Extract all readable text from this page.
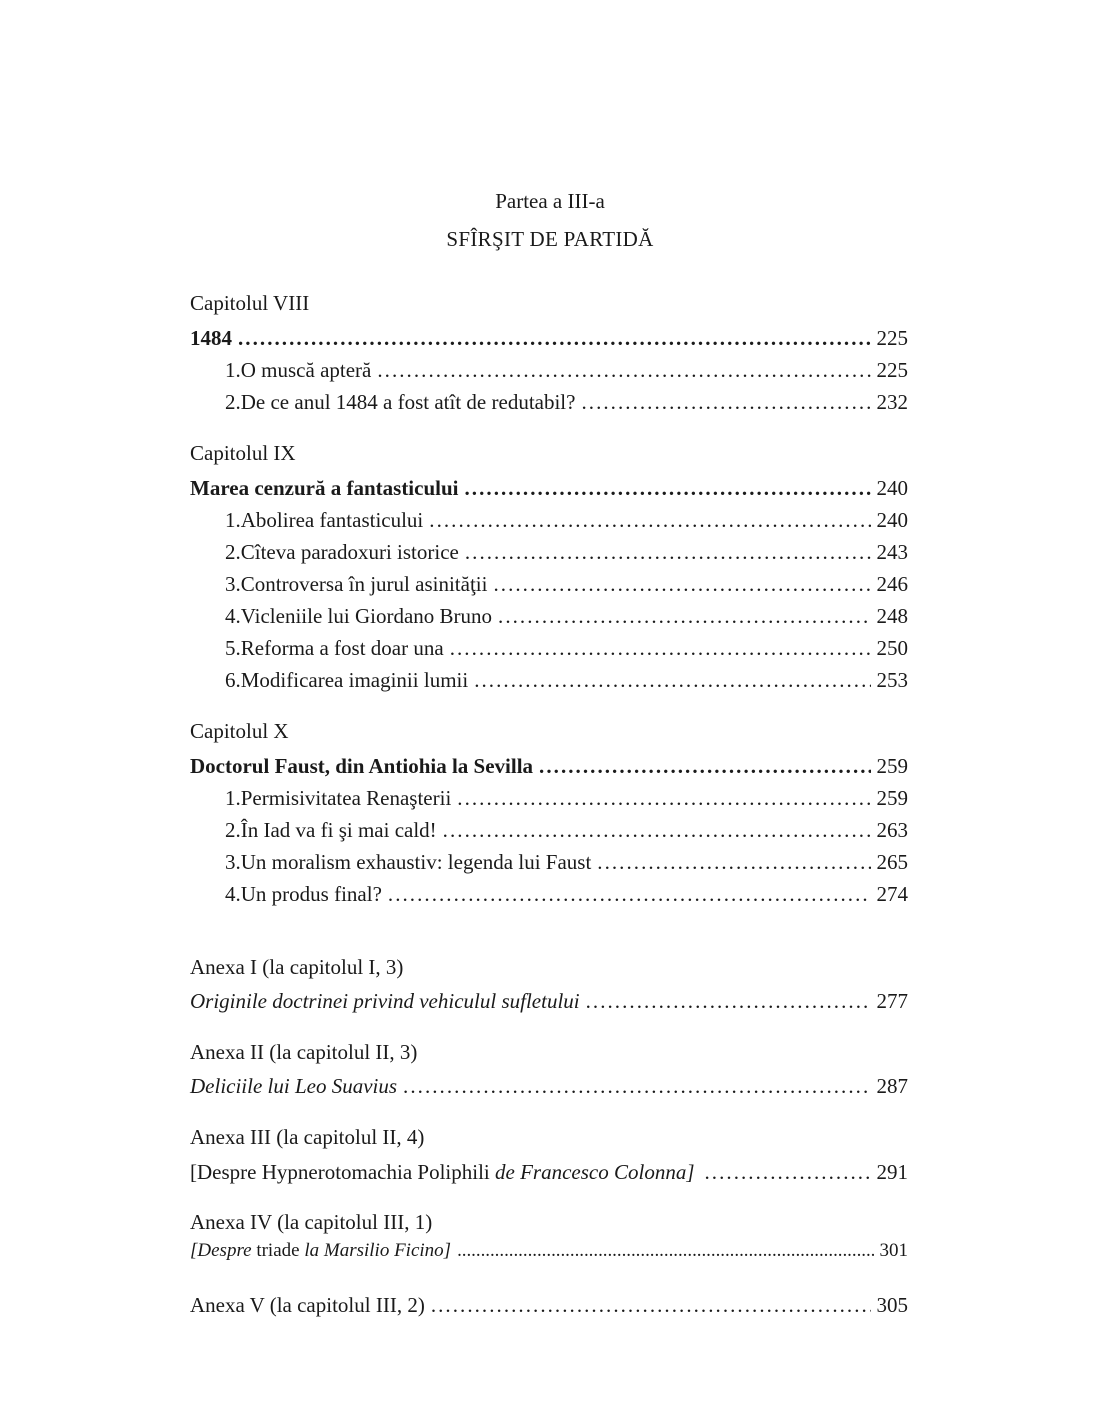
Partea a III-a
SFÎRŞIT DE PARTIDĂ
Capitolul VIII
1484 . . .	225
1. O muscă apteră . . .	225
2. De ce anul 1484 a fost atît de redutabil? . . .	232
Capitolul IX
Marea cenzură a fantasticului . . .	240
1. Abolirea fantasticului . . .	240
2. Cîteva paradoxuri istorice . . .	243
3. Controversa în jurul asinităţii . . .	246
4. Vicleniile lui Giordano Bruno . . .	248
5. Reforma a fost doar una . . .	250
6. Modificarea imaginii lumii . . .	253
Capitolul X
Doctorul Faust, din Antiohia la Sevilla . . .	259
1. Permisivitatea Renaşterii . . .	259
2. În Iad va fi şi mai cald! . . .	263
3. Un moralism exhaustiv: legenda lui Faust . . .	265
4. Un produs final? . . .	274
Anexa I (la capitolul I, 3)
Originile doctrinei privind vehiculul sufletului . . .	277
Anexa II (la capitolul II, 3)
Deliciile lui Leo Suavius . . .	287
Anexa III (la capitolul II, 4)
[Despre Hypnerotomachia Poliphili de Francesco Colonna] . . .	291
Anexa IV (la capitolul III, 1)
[Despre triade la Marsilio Ficino] . . .	301
Anexa V (la capitolul III, 2) . . .	305
